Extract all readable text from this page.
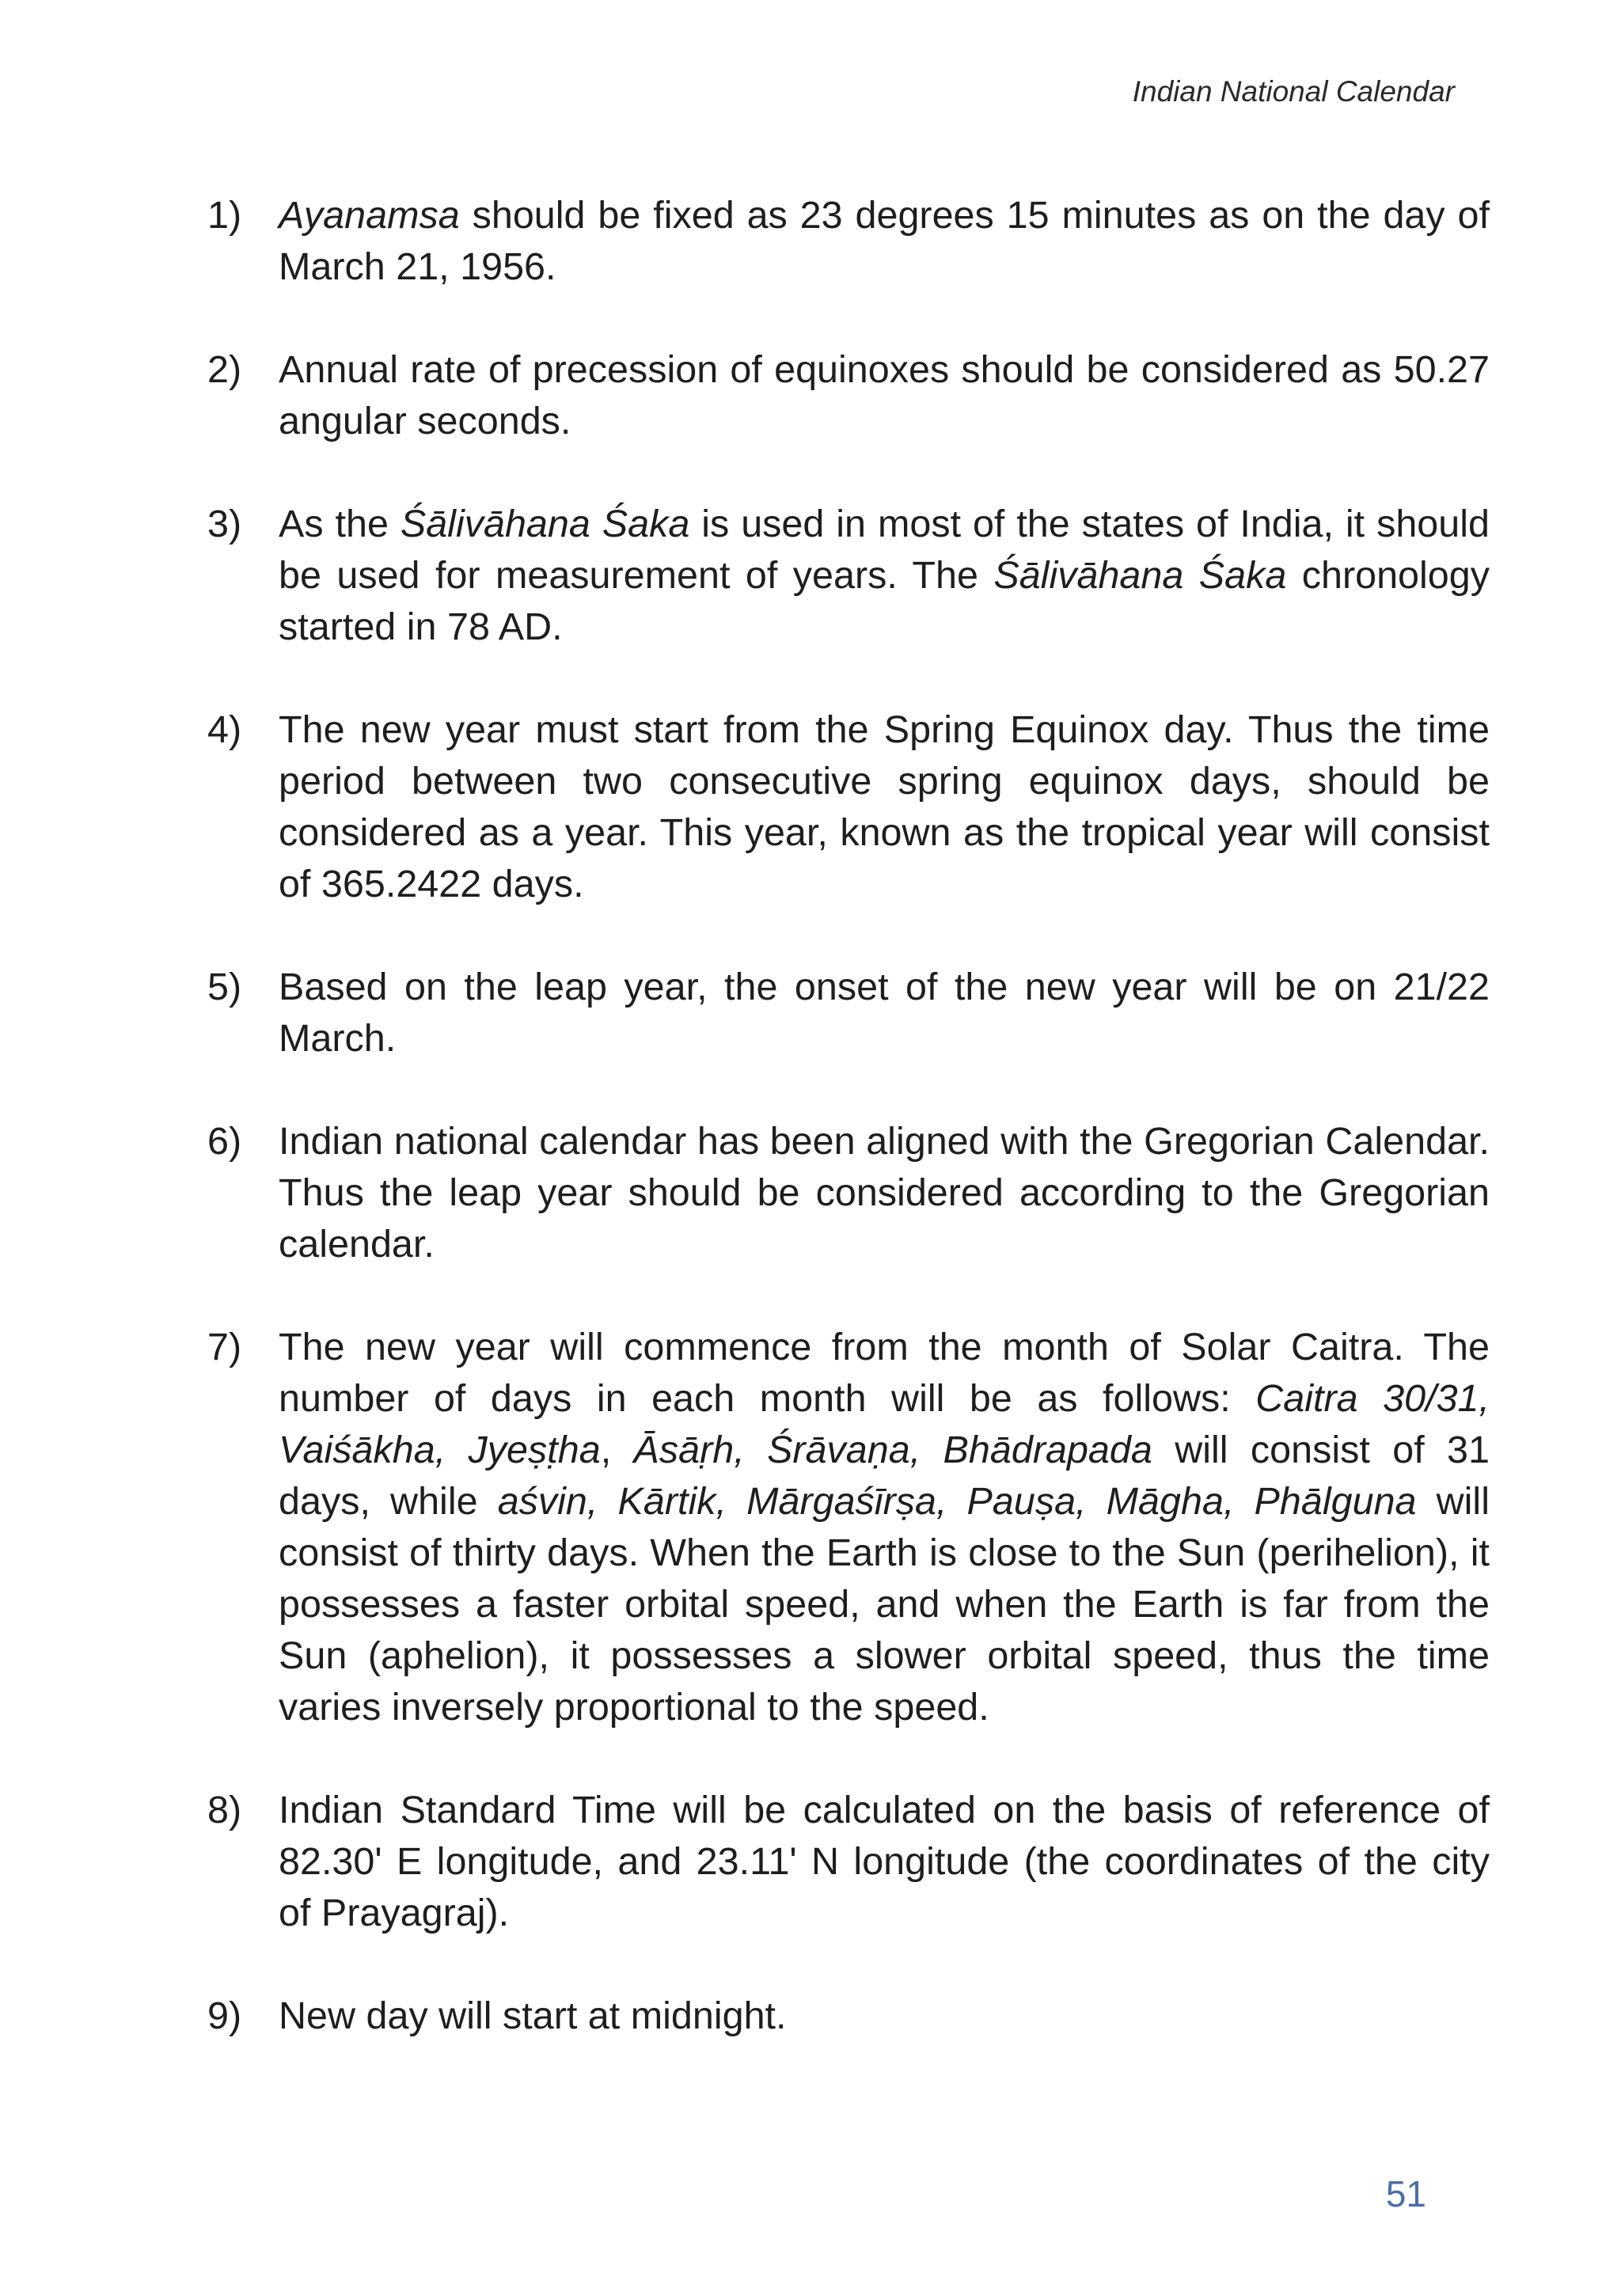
Indian National Calendar
1) Ayanamsa should be fixed as 23 degrees 15 minutes as on the day of March 21, 1956.
2) Annual rate of precession of equinoxes should be considered as 50.27 angular seconds.
3) As the Śālivāhana Śaka is used in most of the states of India, it should be used for measurement of years. The Śālivāhana Śaka chronology started in 78 AD.
4) The new year must start from the Spring Equinox day. Thus the time period between two consecutive spring equinox days, should be considered as a year. This year, known as the tropical year will consist of 365.2422 days.
5) Based on the leap year, the onset of the new year will be on 21/22 March.
6) Indian national calendar has been aligned with the Gregorian Calendar. Thus the leap year should be considered according to the Gregorian calendar.
7) The new year will commence from the month of Solar Caitra. The number of days in each month will be as follows: Caitra 30/31, Vaiśākha, Jyeṣṭha, Āsāṛh, Śrāvaṇa, Bhādrapada will consist of 31 days, while aśvin, Kārtik, Mārgaśīrṣa, Pauṣa, Māgha, Phālguna will consist of thirty days. When the Earth is close to the Sun (perihelion), it possesses a faster orbital speed, and when the Earth is far from the Sun (aphelion), it possesses a slower orbital speed, thus the time varies inversely proportional to the speed.
8) Indian Standard Time will be calculated on the basis of reference of 82.30' E longitude, and 23.11' N longitude (the coordinates of the city of Prayagraj).
9) New day will start at midnight.
51
